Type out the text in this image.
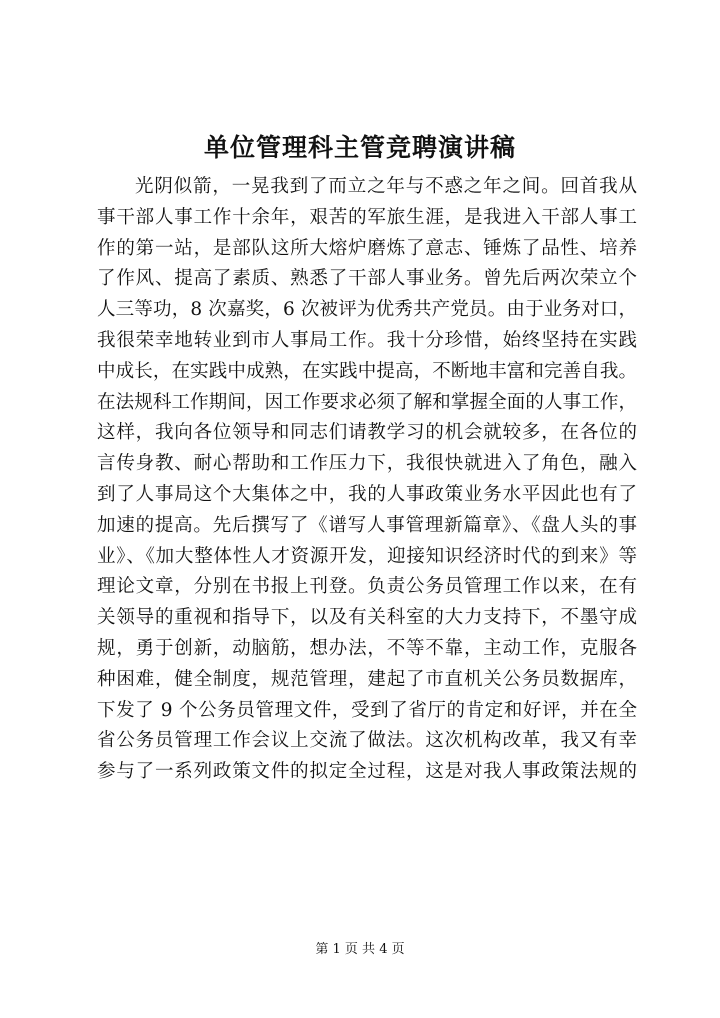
单位管理科主管竞聘演讲稿
光阴似箭，一晃我到了而立之年与不惑之年之间。回首我从
事干部人事工作十余年，艰苦的军旅生涯，是我进入干部人事工
作的第一站，是部队这所大熔炉磨炼了意志、锤炼了品性、培养
了作风、提高了素质、熟悉了干部人事业务。曾先后两次荣立个
人三等功，8 次嘉奖，6 次被评为优秀共产党员。由于业务对口，
我很荣幸地转业到市人事局工作。我十分珍惜，始终坚持在实践
中成长，在实践中成熟，在实践中提高，不断地丰富和完善自我。
在法规科工作期间，因工作要求必须了解和掌握全面的人事工作，
这样，我向各位领导和同志们请教学习的机会就较多，在各位的
言传身教、耐心帮助和工作压力下，我很快就进入了角色，融入
到了人事局这个大集体之中，我的人事政策业务水平因此也有了
加速的提高。先后撰写了《谱写人事管理新篇章》、《盘人头的事
业》、《加大整体性人才资源开发，迎接知识经济时代的到来》等
理论文章，分别在书报上刊登。负责公务员管理工作以来，在有
关领导的重视和指导下，以及有关科室的大力支持下，不墨守成
规，勇于创新，动脑筋，想办法，不等不靠，主动工作，克服各
种困难，健全制度，规范管理，建起了市直机关公务员数据库，
下发了 9 个公务员管理文件，受到了省厅的肯定和好评，并在全
省公务员管理工作会议上交流了做法。这次机构改革，我又有幸
参与了一系列政策文件的拟定全过程，这是对我人事政策法规的
第 1 页 共 4 页
